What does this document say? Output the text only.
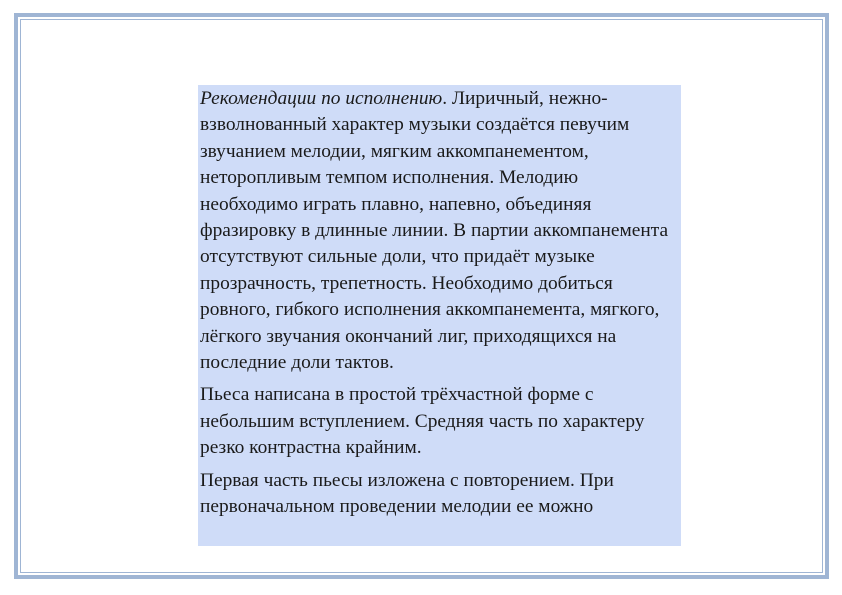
Рекомендации по исполнению. Лиричный, нежно-взволнованный характер музыки создаётся певучим звучанием мелодии, мягким аккомпанементом, неторопливым темпом исполнения. Мелодию необходимо играть плавно, напевно, объединяя фразировку в длинные линии. В партии аккомпанемента отсутствуют сильные доли, что придаёт музыке прозрачность, трепетность. Необходимо добиться ровного, гибкого исполнения аккомпанемента, мягкого, лёгкого звучания окончаний лиг, приходящихся на последние доли тактов.

Пьеса написана в простой трёхчастной форме с небольшим вступлением. Средняя часть по характеру резко контрастна крайним.

Первая часть пьесы изложена с повторением. При первоначальном проведении мелодии ее можно
